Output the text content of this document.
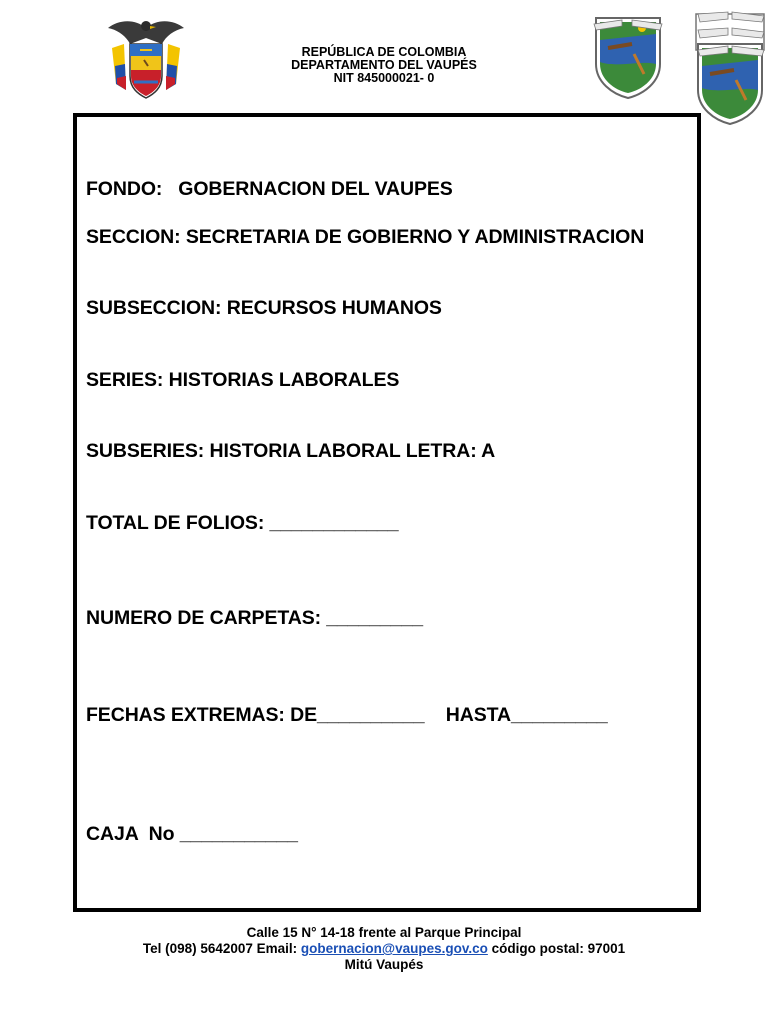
REPÚBLICA DE COLOMBIA
DEPARTAMENTO DEL VAUPÉS
NIT 845000021- 0
FONDO:   GOBERNACION DEL VAUPES
SECCION: SECRETARIA DE GOBIERNO Y ADMINISTRACION
SUBSECCION: RECURSOS HUMANOS
SERIES: HISTORIAS LABORALES
SUBSERIES: HISTORIA LABORAL LETRA: A
TOTAL DE FOLIOS: ____________
NUMERO DE CARPETAS: _________
FECHAS EXTREMAS: DE__________    HASTA_________
CAJA  No ___________
Calle 15 N° 14-18 frente al Parque Principal
Tel (098) 5642007 Email: gobernacion@vaupes.gov.co código postal: 97001
Mitú Vaupés
